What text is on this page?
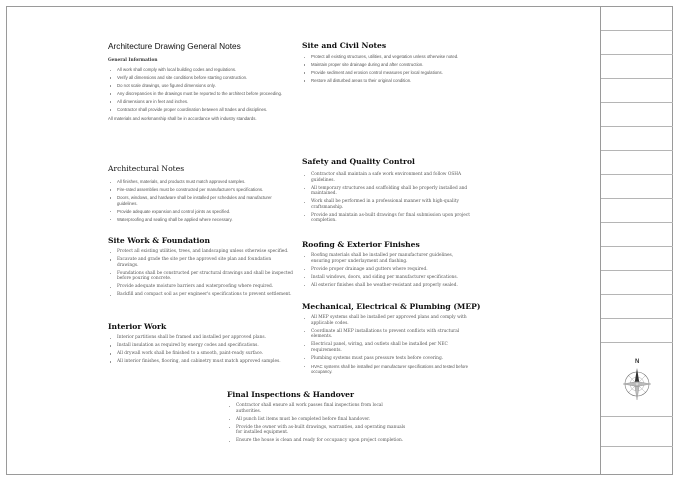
N
Architecture Drawing General Notes
General Information
All work shall comply with local building codes and regulations.
Verify all dimensions and site conditions before starting construction.
Do not scale drawings, use figured dimensions only.
Any discrepancies in the drawings must be reported to the architect before proceeding.
All dimensions are in feet and inches.
Contractor shall provide proper coordination between all trades and disciplines.
All materials and workmanship shall be in accordance with industry standards.
Site and Civil Notes
Protect all existing structures, utilities, and vegetation unless otherwise noted.
Maintain proper site drainage during and after construction.
Provide sediment and erosion control measures per local regulations.
Restore all disturbed areas to their original condition.
Architectural Notes
All finishes, materials, and products must match approved samples.
Fire-rated assemblies must be constructed per manufacturer's specifications.
Doors, windows, and hardware shall be installed per schedules and manufacturer guidelines.
Provide adequate expansion and control joints as specified.
Waterproofing and sealing shall be applied where necessary.
Safety and Quality Control
Contractor shall maintain a safe work environment and follow OSHA guidelines.
All temporary structures and scaffolding shall be properly installed and maintained.
Work shall be performed in a professional manner with high-quality craftsmanship.
Provide and maintain as-built drawings for final submission upon project completion.
Site Work & Foundation
Protect all existing utilities, trees, and landscaping unless otherwise specified.
Excavate and grade the site per the approved site plan and foundation drawings.
Foundations shall be constructed per structural drawings and shall be inspected before pouring concrete.
Provide adequate moisture barriers and waterproofing where required.
Backfill and compact soil as per engineer's specifications to prevent settlement.
Roofing & Exterior Finishes
Roofing materials shall be installed per manufacturer guidelines, ensuring proper underlayment and flashing.
Provide proper drainage and gutters where required.
Install windows, doors, and siding per manufacturer specifications.
All exterior finishes shall be weather-resistant and properly sealed.
Interior Work
Interior partitions shall be framed and installed per approved plans.
Install insulation as required by energy codes and specifications.
All drywall work shall be finished to a smooth, paint-ready surface.
All interior finishes, flooring, and cabinetry must match approved samples.
Mechanical, Electrical & Plumbing (MEP)
All MEP systems shall be installed per approved plans and comply with applicable codes.
Coordinate all MEP installations to prevent conflicts with structural elements.
Electrical panel, wiring, and outlets shall be installed per NEC requirements.
Plumbing systems must pass pressure tests before covering.
HVAC systems shall be installed per manufacturer specifications and tested before occupancy.
Final Inspections & Handover
Contractor shall ensure all work passes final inspections from local authorities.
All punch list items must be completed before final handover.
Provide the owner with as-built drawings, warranties, and operating manuals for installed equipment.
Ensure the house is clean and ready for occupancy upon project completion.
